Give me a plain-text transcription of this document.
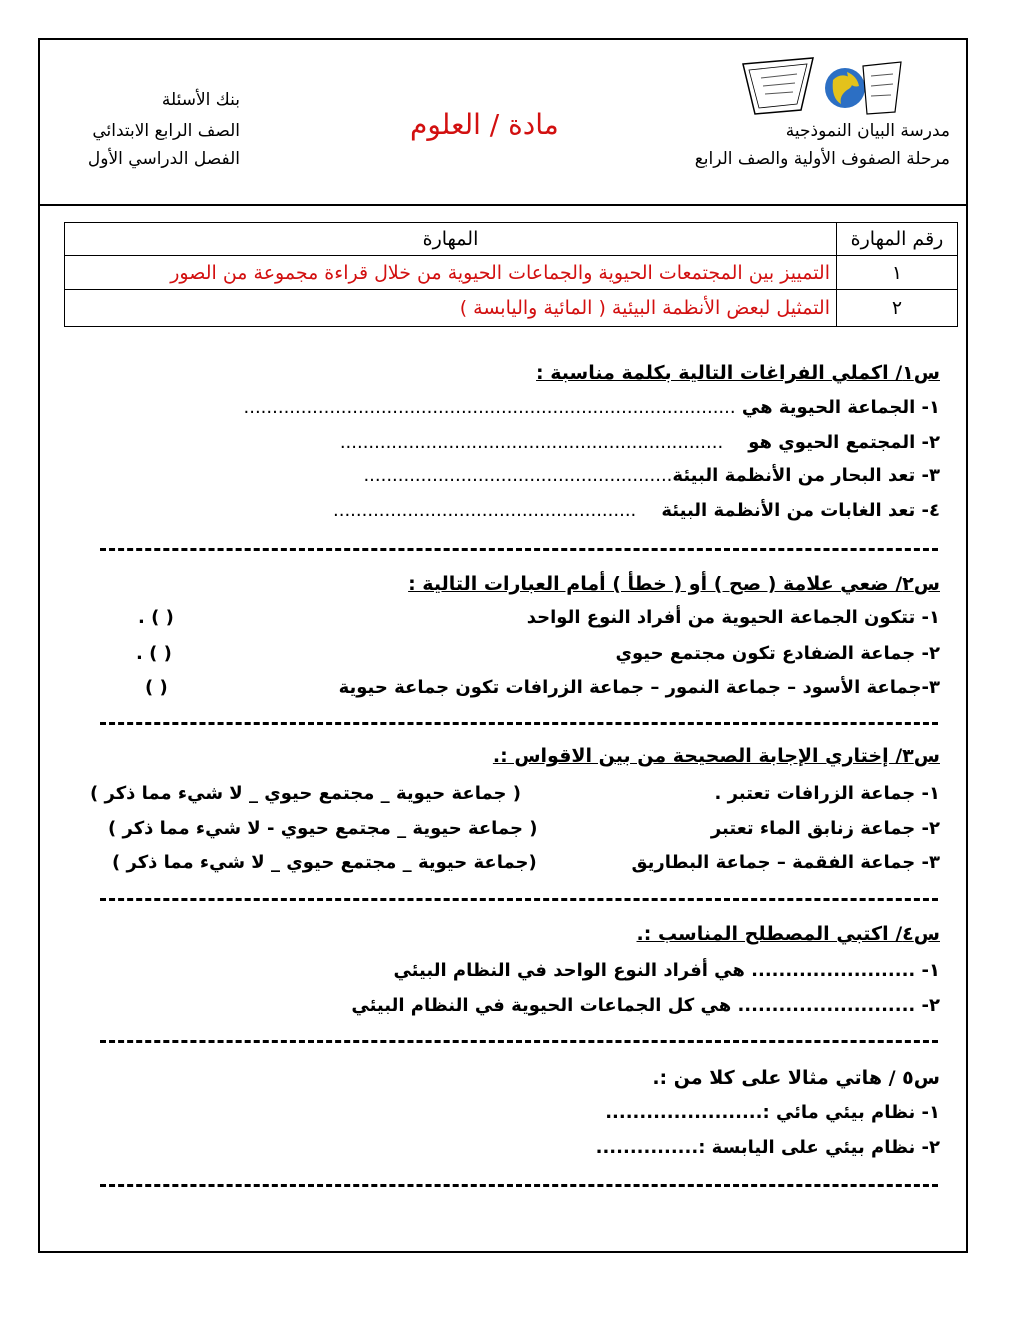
بنك الأسئلة
الصف الرابع الابتدائي
الفصل الدراسي الأول
مادة / العلوم	مدرسة البيان النموذجية
مرحلة الصفوف الأولية والصف الرابع
رقم المهارة	المهارة
١	التمييز بين المجتمعات الحيوية والجماعات الحيوية من خلال قراءة مجموعة من الصور
٢	التمثيل لبعض الأنظمة البيئية ( المائية واليابسة )
س١/ اكملي الفراغات التالية بكلمة مناسبة :
١- الجماعة الحيوية هي ......................................................................................
٢- المجتمع الحيوي هو    ...................................................................
٣- تعد البحار من الأنظمة البيئة......................................................
٤- تعد الغابات من الأنظمة البيئة    .....................................................
س٢/ ضعي علامة ( صح ) أو ( خطأ ) أمام العبارات التالية :
١- تتكون الجماعة الحيوية من أفراد النوع الواحد
( ) .
٢- جماعة الضفادع تكون مجتمع حيوي
( ) .
٣-جماعة الأسود – جماعة النمور – جماعة الزرافات تكون جماعة حيوية
( )
س٣/ إختاري الإجابة الصحيحة من بين الاقواس :.
١- جماعة الزرافات تعتبر .
( جماعة حيوية _ مجتمع حيوي _ لا شيء مما ذكر )
٢- جماعة زنابق الماء تعتبر
( جماعة حيوية _ مجتمع حيوي - لا شيء مما ذكر )
٣- جماعة الفقمة – جماعة البطاريق
(جماعة حيوية _ مجتمع حيوي _ لا شيء مما ذكر )
س٤/ اكتبي المصطلح المناسب :.
١- ........................ هي أفراد النوع الواحد في النظام البيئي
٢- .......................... هي كل الجماعات الحيوية في النظام البيئي
س٥ / هاتي مثالا على كلا من :.
١- نظام بيئي مائي :.......................
٢- نظام بيئي على اليابسة :...............
